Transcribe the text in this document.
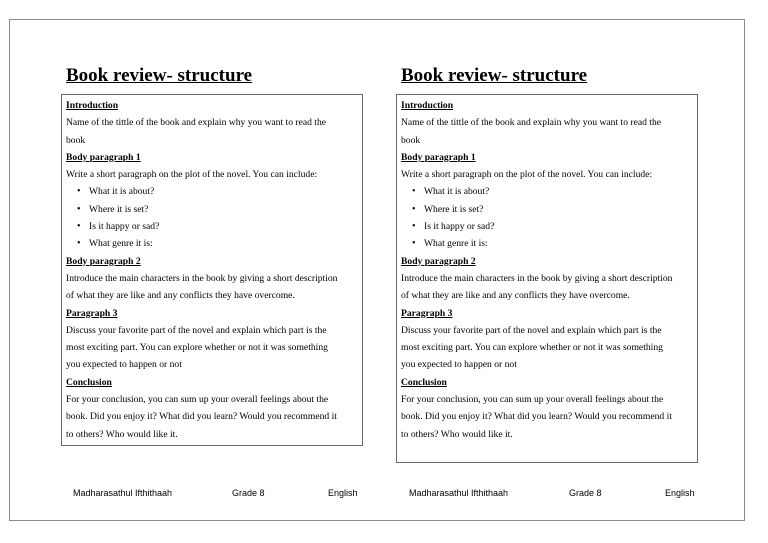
Book review- structure
Introduction
Name of the tittle of the book and explain why you want to read the
book
Body paragraph 1
Write a short paragraph on the plot of the novel. You can include:
• What it is about?
• Where it is set?
• Is it happy or sad?
• What genre it is:
Body paragraph 2
Introduce the main characters in the book by giving a short description
of what they are like and any conflicts they have overcome.
Paragraph 3
Discuss your favorite part of the novel and explain which part is the
most exciting part. You can explore whether or not it was something
you expected to happen or not
Conclusion
For your conclusion, you can sum up your overall feelings about the
book. Did you enjoy it? What did you learn? Would you recommend it
to others? Who would like it.
Book review- structure
Introduction
Name of the tittle of the book and explain why you want to read the
book
Body paragraph 1
Write a short paragraph on the plot of the novel. You can include:
• What it is about?
• Where it is set?
• Is it happy or sad?
• What genre it is:
Body paragraph 2
Introduce the main characters in the book by giving a short description
of what they are like and any conflicts they have overcome.
Paragraph 3
Discuss your favorite part of the novel and explain which part is the
most exciting part. You can explore whether or not it was something
you expected to happen or not
Conclusion
For your conclusion, you can sum up your overall feelings about the
book. Did you enjoy it? What did you learn? Would you recommend it
to others? Who would like it.
Madharasathul Ifthithaah	Grade 8	English	Madharasathul Ifthithaah	Grade 8	English
